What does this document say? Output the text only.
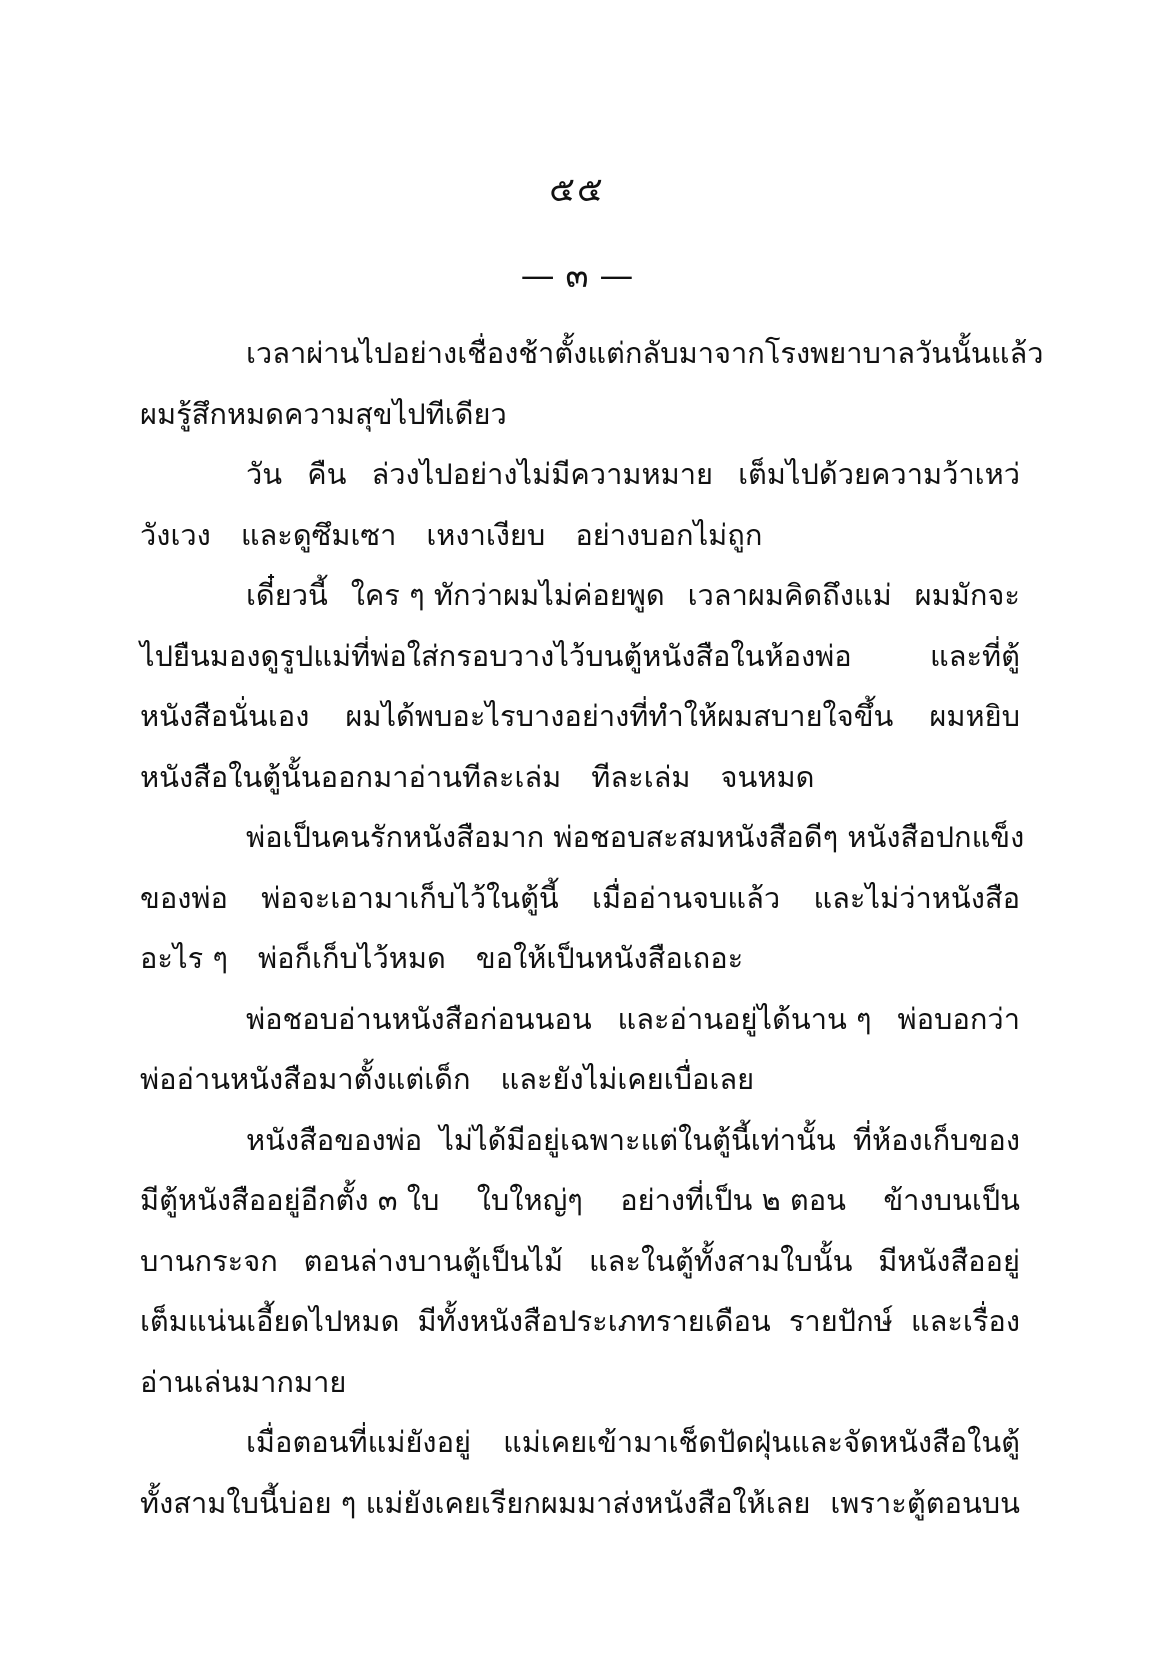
๕๕
— ๓ —
เวลาผ่านไปอย่างเชื่องช้า ตั้งแต่กลับมาจากโรงพยาบาลวันนั้นแล้ว
ผมรู้สึกหมดความสุขไปทีเดียว
วัน คืน ล่วงไปอย่างไม่มีความหมาย เต็มไปด้วยความว้าเหว่
วังเวง และดูซึมเซา เหงาเงียบ อย่างบอกไม่ถูก
เดี๋ยวนี้ ใคร ๆ ทักว่าผมไม่ค่อยพูด เวลาผมคิดถึงแม่ ผมมักจะ
ไปยืนมองดูรูปแม่ที่พ่อใส่กรอบวางไว้บนตู้หนังสือในห้องพ่อ	และที่ตู้
หนังสือนั่นเอง ผมได้พบอะไรบางอย่างที่ทำให้ผมสบายใจขึ้น ผมหยิบ
หนังสือในตู้นั้นออกมาอ่านทีละเล่ม ทีละเล่ม จนหมด
พ่อเป็นคนรักหนังสือมาก พ่อชอบสะสมหนังสือดีๆ หนังสือปกแข็ง
ของพ่อ พ่อจะเอามาเก็บไว้ในตู้นี้ เมื่ออ่านจบแล้ว และไม่ว่าหนังสือ
อะไร ๆ พ่อก็เก็บไว้หมด ขอให้เป็นหนังสือเถอะ
พ่อชอบอ่านหนังสือก่อนนอน และอ่านอยู่ได้นาน ๆ พ่อบอกว่า
พ่ออ่านหนังสือมาตั้งแต่เด็ก และยังไม่เคยเบื่อเลย
หนังสือของพ่อ ไม่ได้มีอยู่เฉพาะแต่ในตู้นี้เท่านั้น ที่ห้องเก็บของ
มีตู้หนังสืออยู่อีกตั้ง ๓ ใบ ใบใหญ่ๆ อย่างที่เป็น ๒ ตอน ข้างบนเป็น
บานกระจก ตอนล่างบานตู้เป็นไม้ และในตู้ทั้งสามใบนั้น มีหนังสืออยู่
เต็มแน่นเอี้ยดไปหมด มีทั้งหนังสือประเภทรายเดือน รายปักษ์ และเรื่อง
อ่านเล่นมากมาย
เมื่อตอนที่แม่ยังอยู่ แม่เคยเข้ามาเช็ดปัดฝุ่นและจัดหนังสือในตู้
ทั้งสามใบนี้บ่อย ๆ แม่ยังเคยเรียกผมมาส่งหนังสือให้เลย เพราะตู้ตอนบน
